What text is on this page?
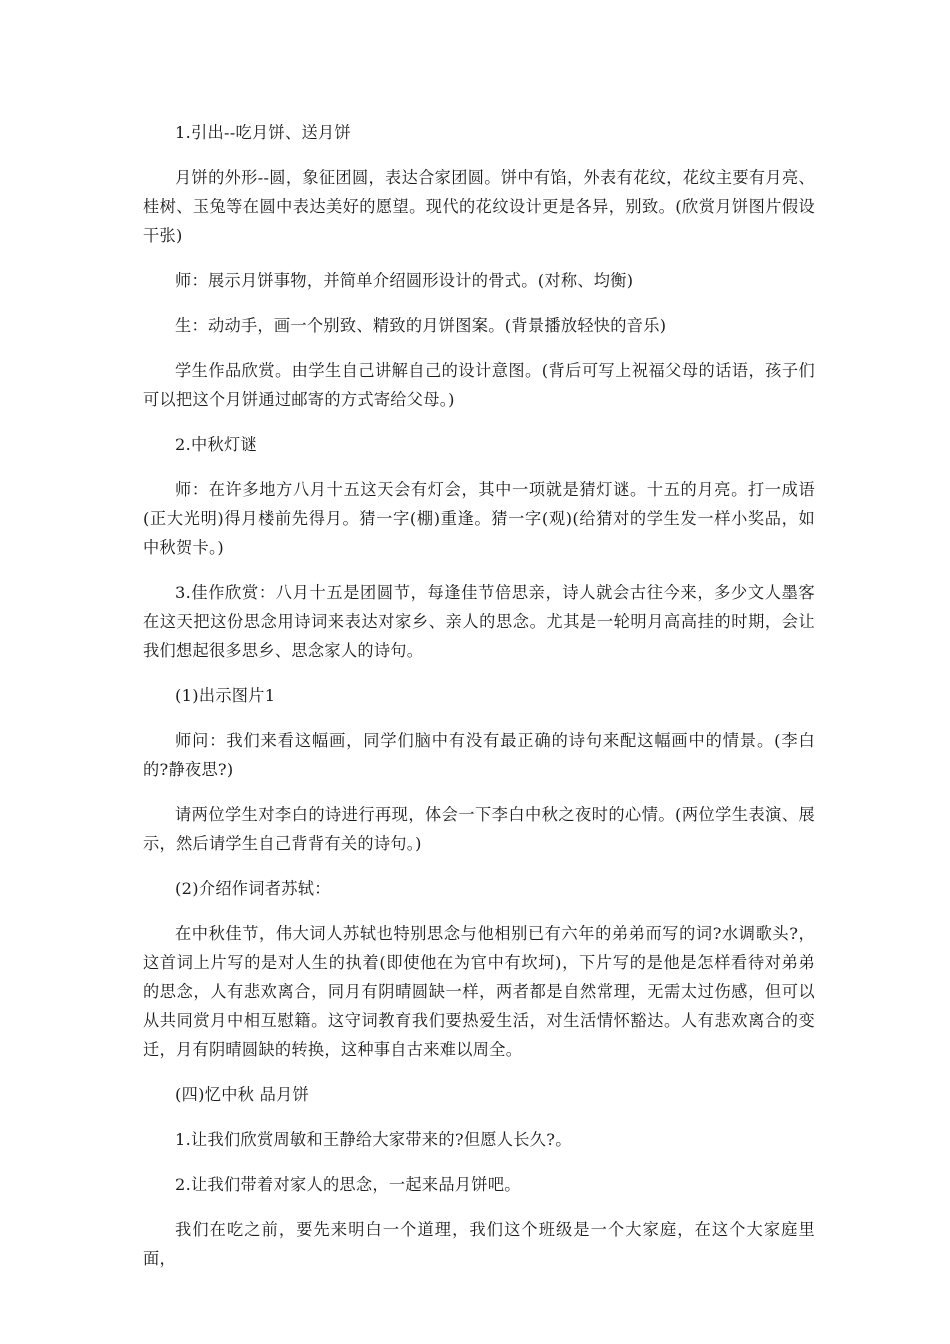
1.引出--吃月饼、送月饼

月饼的外形--圆，象征团圆，表达合家团圆。饼中有馅，外表有花纹，花纹主要有月亮、桂树、玉兔等在圆中表达美好的愿望。现代的花纹设计更是各异，别致。(欣赏月饼图片假设干张)

师：展示月饼事物，并简单介绍圆形设计的骨式。(对称、均衡)

生：动动手，画一个别致、精致的月饼图案。(背景播放轻快的音乐)

学生作品欣赏。由学生自己讲解自己的设计意图。(背后可写上祝福父母的话语，孩子们可以把这个月饼通过邮寄的方式寄给父母。)

2.中秋灯谜

师：在许多地方八月十五这天会有灯会，其中一项就是猜灯谜。十五的月亮。打一成语(正大光明)得月楼前先得月。猜一字(棚)重逢。猜一字(观)(给猜对的学生发一样小奖品，如中秋贺卡。)

3.佳作欣赏：八月十五是团圆节，每逢佳节倍思亲，诗人就会古往今来，多少文人墨客在这天把这份思念用诗词来表达对家乡、亲人的思念。尤其是一轮明月高高挂的时期，会让我们想起很多思乡、思念家人的诗句。

(1)出示图片1

师问：我们来看这幅画，同学们脑中有没有最正确的诗句来配这幅画中的情景。(李白的?静夜思?)

请两位学生对李白的诗进行再现，体会一下李白中秋之夜时的心情。(两位学生表演、展示，然后请学生自己背背有关的诗句。)

(2)介绍作词者苏轼：

在中秋佳节，伟大词人苏轼也特别思念与他相别已有六年的弟弟而写的词?水调歌头?，这首词上片写的是对人生的执着(即使他在为官中有坎坷)，下片写的是他是怎样看待对弟弟的思念，人有悲欢离合，同月有阴晴圆缺一样，两者都是自然常理，无需太过伤感，但可以从共同赏月中相互慰籍。这守词教育我们要热爱生活，对生活情怀豁达。人有悲欢离合的变迁，月有阴晴圆缺的转换，这种事自古来难以周全。

(四)忆中秋 品月饼

1.让我们欣赏周敏和王静给大家带来的?但愿人长久?。

2.让我们带着对家人的思念，一起来品月饼吧。

我们在吃之前，要先来明白一个道理，我们这个班级是一个大家庭，在这个大家庭里面，
